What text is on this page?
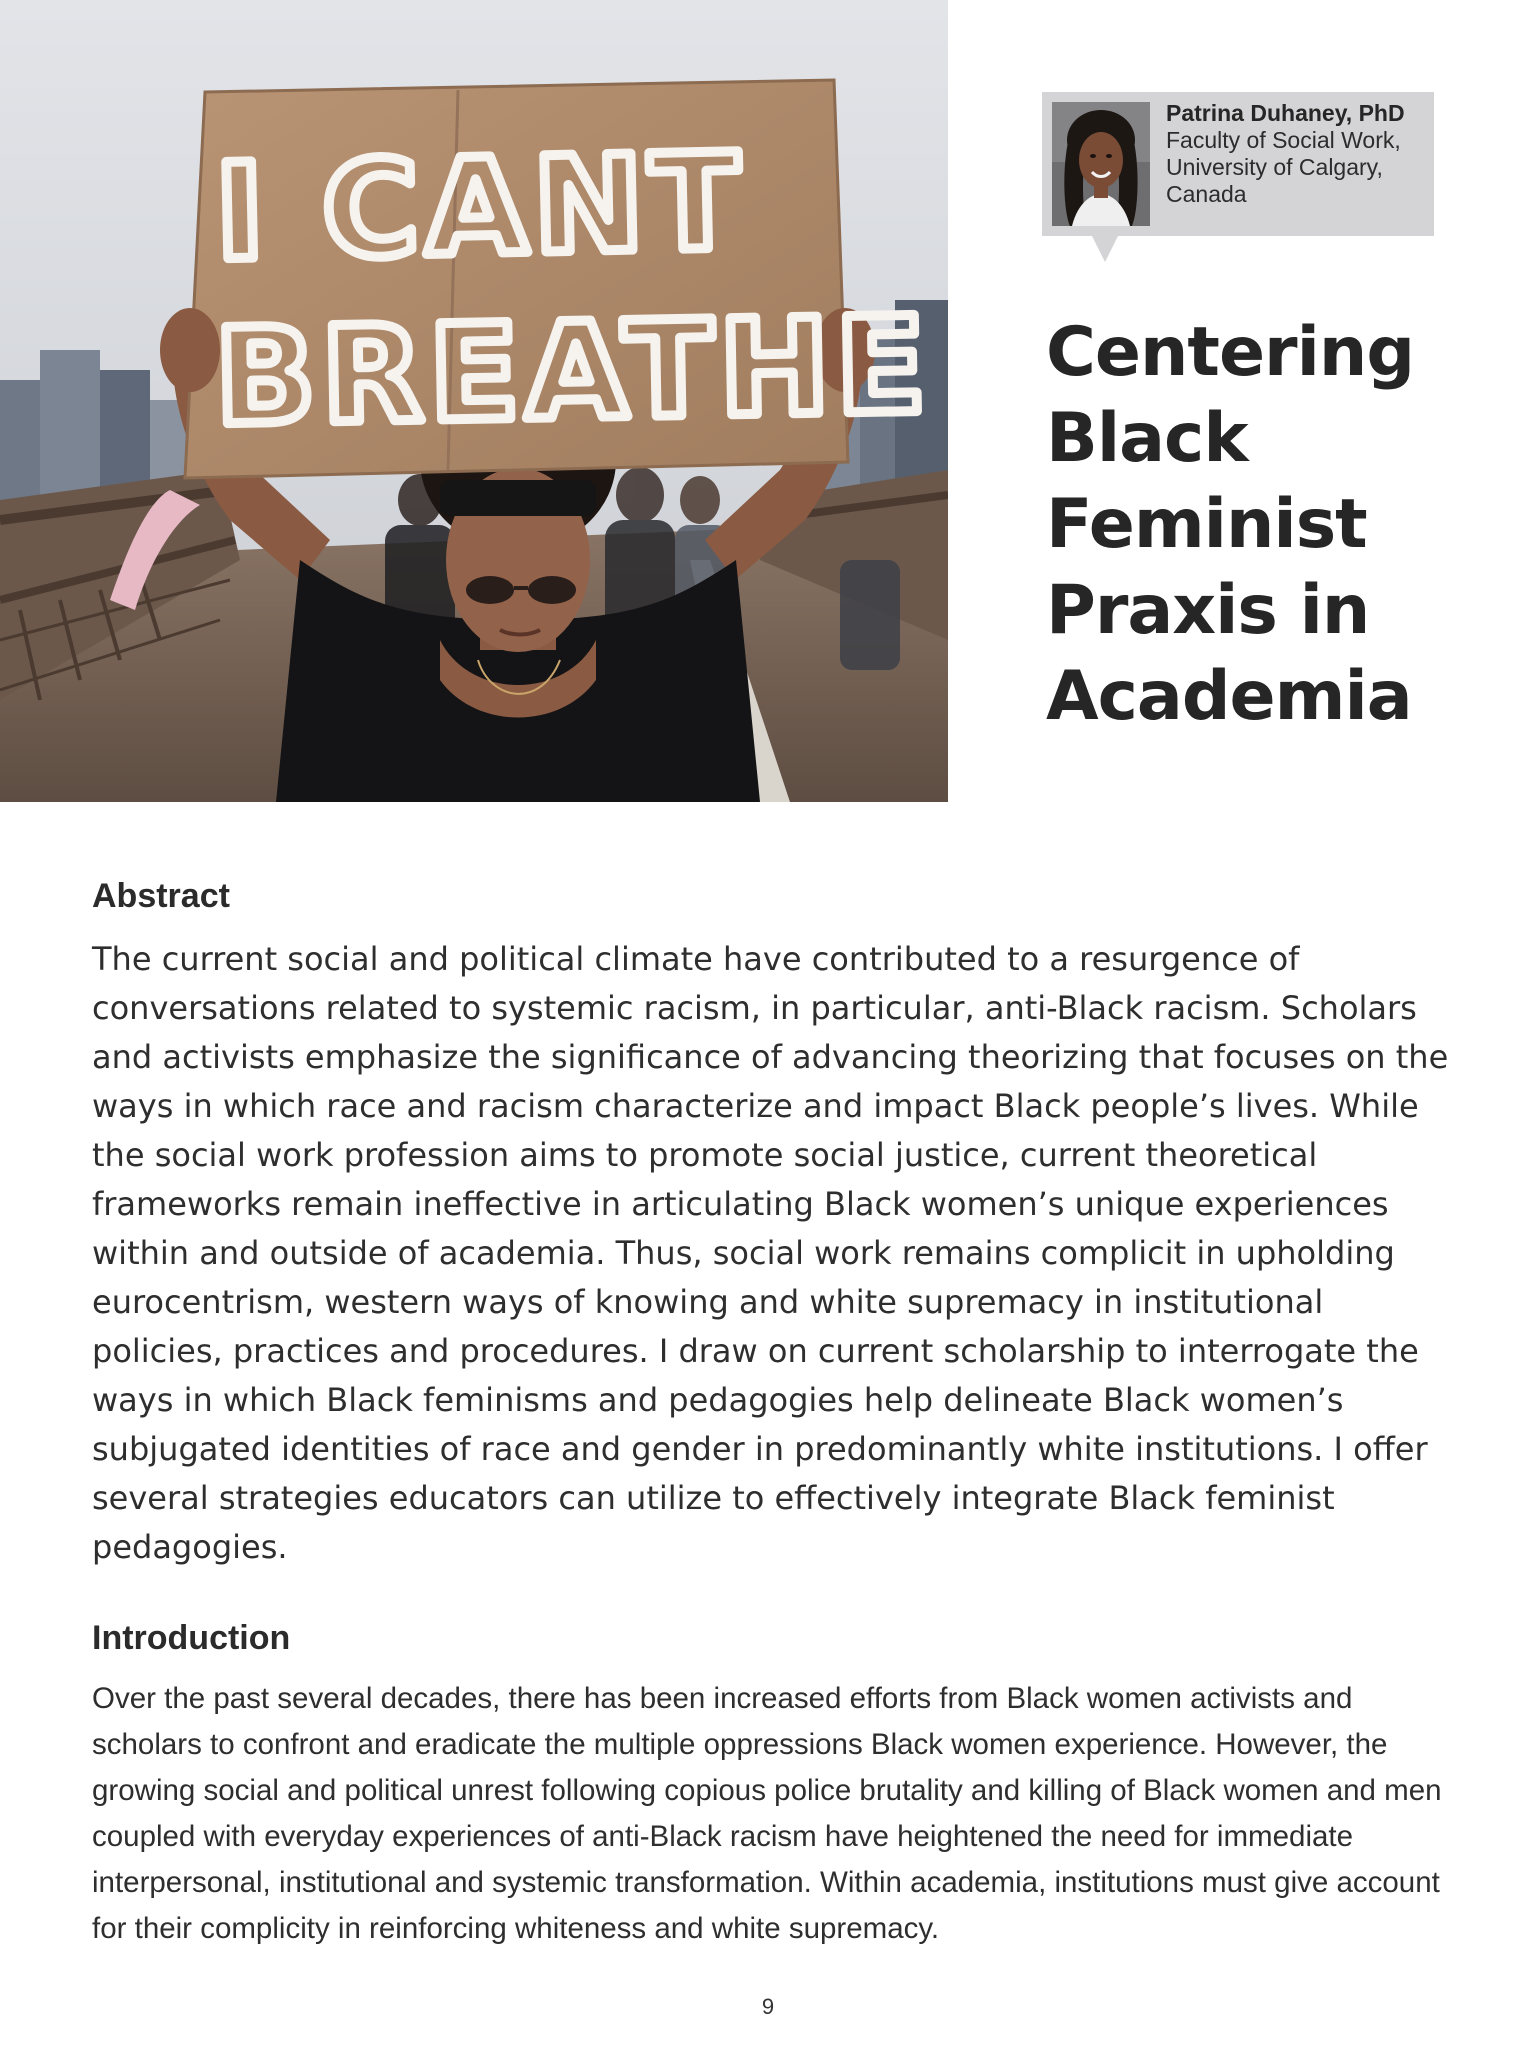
I CANT
BREATHE
Patrina Duhaney, PhD
Faculty of Social Work,
University of Calgary,
Canada
Centering
Black
Feminist
Praxis in
Academia
Abstract

The current social and political climate have contributed to a resurgence of conversations related to systemic racism, in particular, anti-Black racism. Scholars and activists emphasize the significance of advancing theorizing that focuses on the ways in which race and racism characterize and impact Black people’s lives. While the social work profession aims to promote social justice, current theoretical frameworks remain ineffective in articulating Black women’s unique experiences within and outside of academia. Thus, social work remains complicit in upholding eurocentrism, western ways of knowing and white supremacy in institutional policies, practices and procedures. I draw on current scholarship to interrogate the ways in which Black feminisms and pedagogies help delineate Black women’s subjugated identities of race and gender in predominantly white institutions. I offer several strategies educators can utilize to effectively integrate Black feminist pedagogies.

Introduction

Over the past several decades, there has been increased efforts from Black women activists and scholars to confront and eradicate the multiple oppressions Black women experience. However, the growing social and political unrest following copious police brutality and killing of Black women and men coupled with everyday experiences of anti-Black racism have heightened the need for immediate interpersonal, institutional and systemic transformation. Within academia, institutions must give account for their complicity in reinforcing whiteness and white supremacy.

9
